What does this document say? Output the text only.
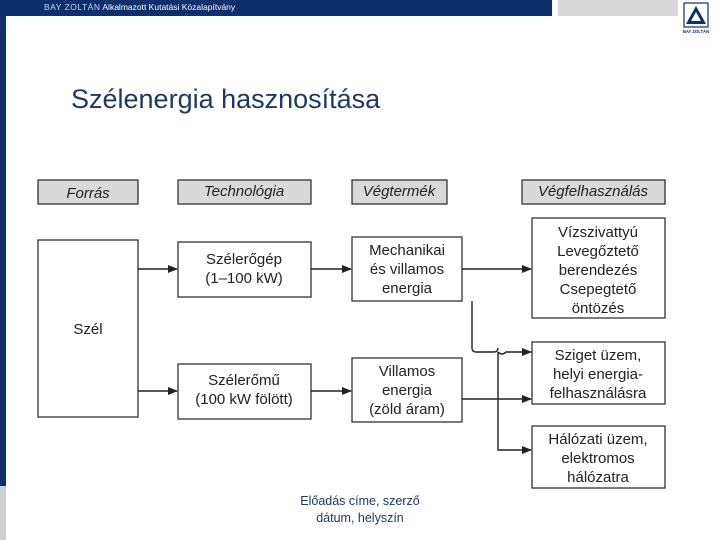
BAY ZOLTÁN Alkalmazott Kutatási Közalapítvány
BAY ZOLTÁN
Szélenergia hasznosítása
Forrás	Technológia	Végtermék	Végfelhasználás
Szél
Szélerőgép
(1–100 kW)
Szélerőmű
(100 kW fölött)
Mechanikai
és villamos
energia
Villamos
energia
(zöld áram)
Vízszivattyú
Levegőztető
berendezés
Csepegtető
öntözés
Sziget üzem,
helyi energia-
felhasználásra
Hálózati üzem,
elektromos
hálózatra
Előadás címe, szerző
dátum, helyszín
